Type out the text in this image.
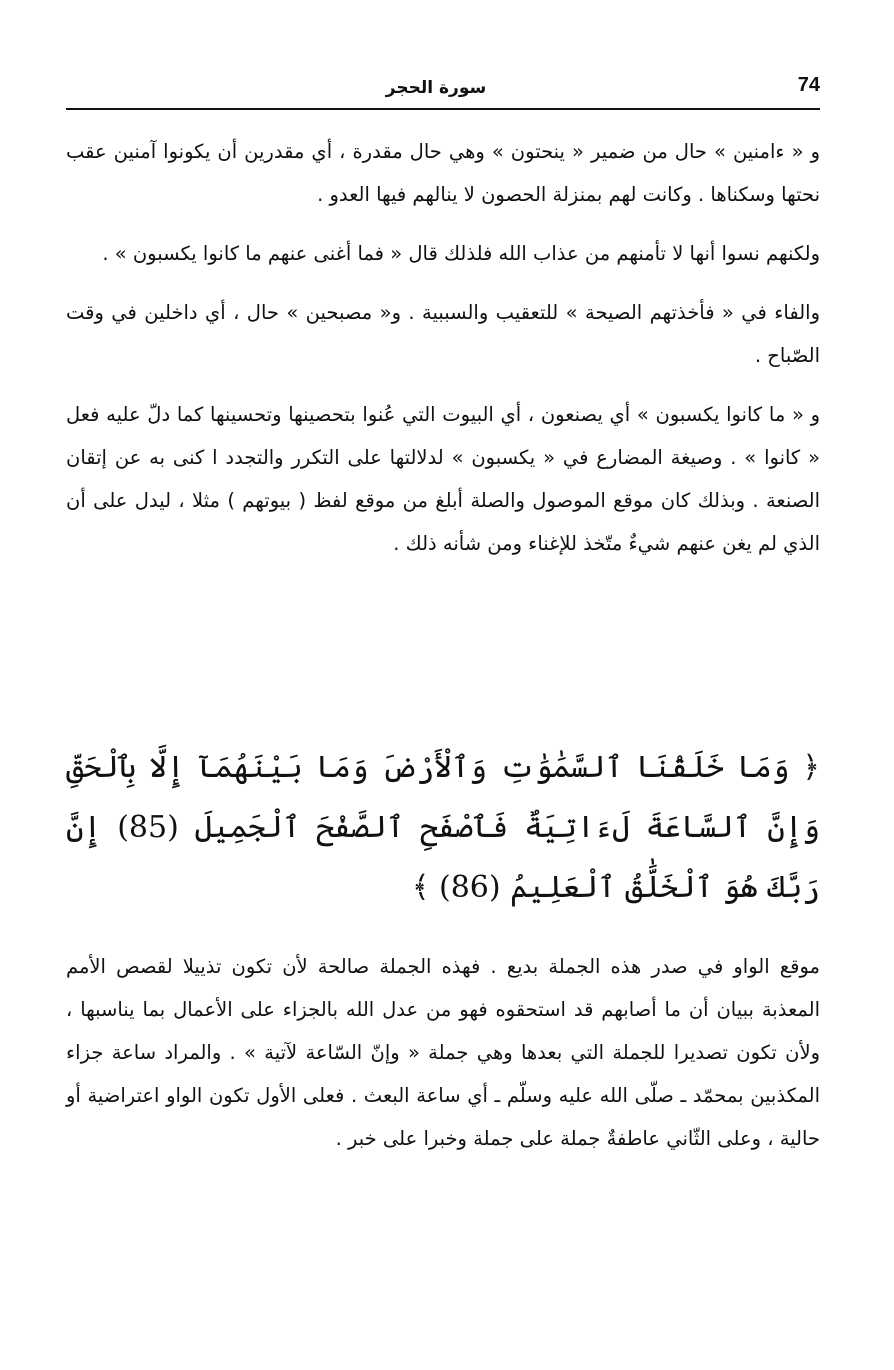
74
سورة الحجر

و « ءامنين » حال من ضمير « ينحتون » وهي حال مقدرة ، أي مقدرين أن يكونوا آمنين عقب نحتها وسكناها . وكانت لهم بمنزلة الحصون لا ينالهم فيها العدو .

ولكنهم نسوا أنها لا تأمنهم من عذاب الله فلذلك قال « فما أغنى عنهم ما كانوا يكسبون » .

والفاء في « فأخذتهم الصيحة » للتعقيب والسببية . و« مصبحين » حال ، أي داخلين في وقت الصّباح .

و « ما كانوا يكسبون » أي يصنعون ، أي البيوت التي عُنوا بتحصينها وتحسينها كما دلّ عليه فعل « كانوا » . وصيغة المضارع في « يكسبون » لدلالتها على التكرر والتجدد ا كنى به عن إتقان الصنعة . وبذلك كان موقع الموصول والصلة أبلغ من موقع لفظ ( بيوتهم ) مثلا ، ليدل على أن الذي لم يغن عنهم شيءٌ متّخذ للإغناء ومن شأنه ذلك .

﴿ وَمَا خَلَقْنَا ٱلسَّمَٰوَٰتِ وَٱلْأَرْضَ وَمَا بَيْنَهُمَآ إِلَّا بِٱلْحَقِّ وَإِنَّ ٱلسَّاعَةَ لَءَاتِيَةٌ فَٱصْفَحِ ٱلصَّفْحَ ٱلْجَمِيلَ (85) إِنَّ رَبَّكَ هُوَ ٱلْخَلَّٰقُ ٱلْعَلِيمُ (86) ﴾

موقع الواو في صدر هذه الجملة بديع . فهذه الجملة صالحة لأن تكون تذييلا لقصص الأمم المعذبة ببيان أن ما أصابهم قد استحقوه فهو من عدل الله بالجزاء على الأعمال بما يناسبها ، ولأن تكون تصديرا للجملة التي بعدها وهي جملة « وإنّ السّاعة لآتية » . والمراد ساعة جزاء المكذبين بمحمّد ـ صلّى الله عليه وسلّم ـ أي ساعة البعث . فعلى الأول تكون الواو اعتراضية أو حالية ، وعلى الثّاني عاطفةٌ جملة على جملة وخبرا على خبر .
